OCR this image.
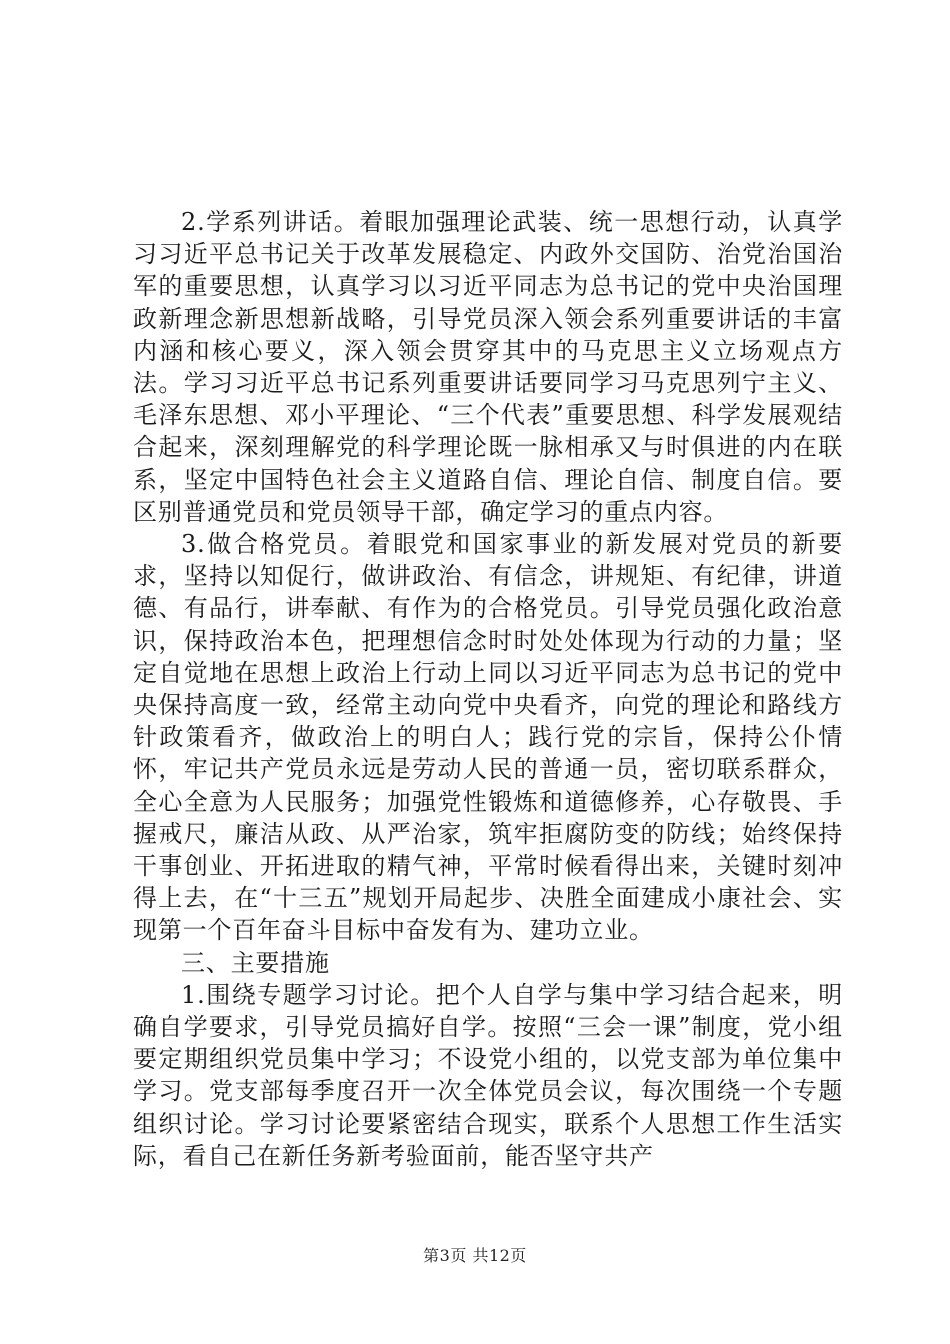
2.学系列讲话。着眼加强理论武装、统一思想行动，认真学习习近平总书记关于改革发展稳定、内政外交国防、治党治国治军的重要思想，认真学习以习近平同志为总书记的党中央治国理政新理念新思想新战略，引导党员深入领会系列重要讲话的丰富内涵和核心要义，深入领会贯穿其中的马克思主义立场观点方法。学习习近平总书记系列重要讲话要同学习马克思列宁主义、毛泽东思想、邓小平理论、“三个代表”重要思想、科学发展观结合起来，深刻理解党的科学理论既一脉相承又与时俱进的内在联系，坚定中国特色社会主义道路自信、理论自信、制度自信。要区别普通党员和党员领导干部，确定学习的重点内容。

3.做合格党员。着眼党和国家事业的新发展对党员的新要求，坚持以知促行，做讲政治、有信念，讲规矩、有纪律，讲道德、有品行，讲奉献、有作为的合格党员。引导党员强化政治意识，保持政治本色，把理想信念时时处处体现为行动的力量；坚定自觉地在思想上政治上行动上同以习近平同志为总书记的党中央保持高度一致，经常主动向党中央看齐，向党的理论和路线方针政策看齐，做政治上的明白人；践行党的宗旨，保持公仆情怀，牢记共产党员永远是劳动人民的普通一员，密切联系群众，全心全意为人民服务；加强党性锻炼和道德修养，心存敬畏、手握戒尺，廉洁从政、从严治家，筑牢拒腐防变的防线；始终保持干事创业、开拓进取的精气神，平常时候看得出来，关键时刻冲得上去，在“十三五”规划开局起步、决胜全面建成小康社会、实现第一个百年奋斗目标中奋发有为、建功立业。

三、主要措施

1.围绕专题学习讨论。把个人自学与集中学习结合起来，明确自学要求，引导党员搞好自学。按照“三会一课”制度，党小组要定期组织党员集中学习；不设党小组的，以党支部为单位集中学习。党支部每季度召开一次全体党员会议，每次围绕一个专题组织讨论。学习讨论要紧密结合现实，联系个人思想工作生活实际，看自己在新任务新考验面前，能否坚守共产

第3页 共12页
